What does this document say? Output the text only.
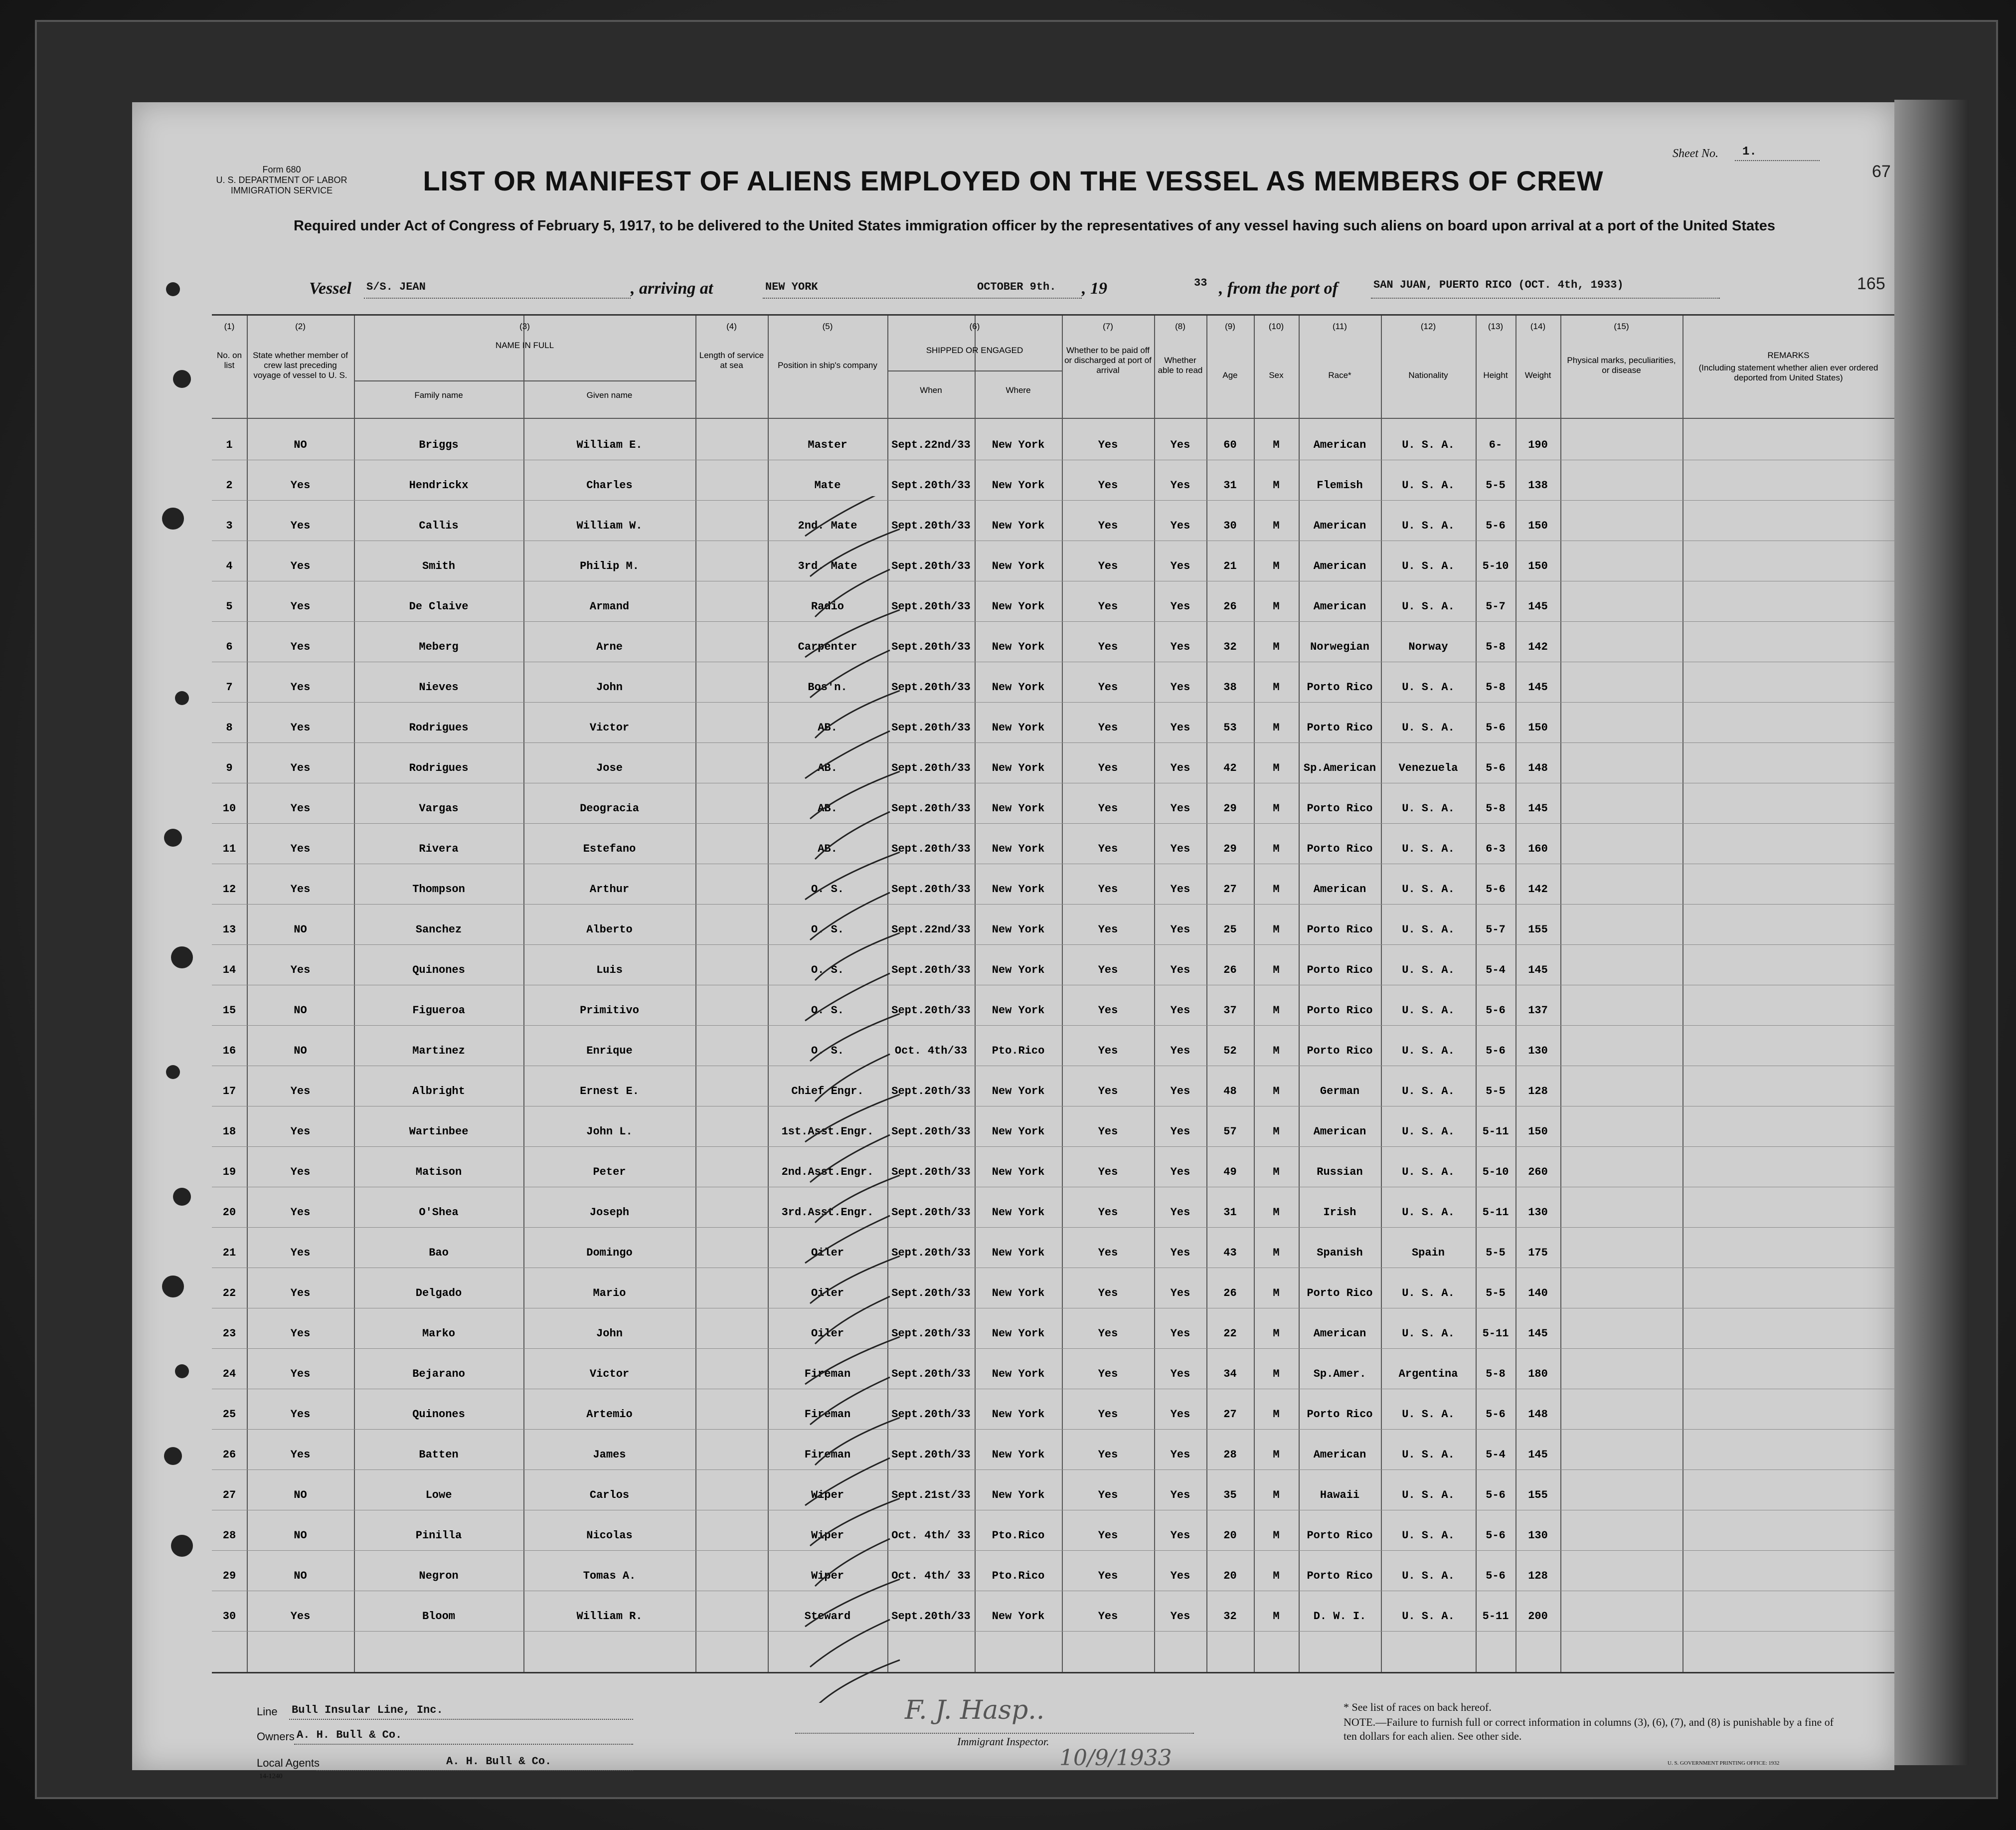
Form 680
U. S. DEPARTMENT OF LABOR
IMMIGRATION SERVICE
Sheet No. 1.
LIST OR MANIFEST OF ALIENS EMPLOYED ON THE VESSEL AS MEMBERS OF CREW
Required under Act of Congress of February 5, 1917, to be delivered to the United States immigration officer by the representatives of any vessel having such aliens on board upon arrival at a port of the United States
67
165
Vessel S/S. JEAN	, arriving at	NEW YORK	OCTOBER 9th. , 19	33 , from the port of	SAN JUAN, PUERTO RICO (OCT. 4th, 1933)
(1)	(2)	(3)	(4)	(5)	(6)	(7)	(8)	(9)	(10)	(11)	(12)	(13)	(14)	(15)
No. on list
State whether member of crew last preceding voyage of vessel to U. S.
NAME IN FULL
Family name	Given name
Length of service at sea	Position in ship's company
SHIPPED OR ENGAGED
When	Where
Whether to be paid off or discharged at port of arrival
Whether able to read
Age	Sex	Race*	Nationality	Height	Weight
Physical marks, peculiarities, or disease
REMARKS
(Including statement whether alien ever ordered deported from United States)
1	NO	Briggs	William E.	Master	Sept.22nd/33	New York	Yes	Yes	60	M	American	U. S. A.	6-	190
2	Yes	Hendrickx	Charles	Mate	Sept.20th/33	New York	Yes	Yes	31	M	Flemish	U. S. A.	5-5	138
3	Yes	Callis	William W.	2nd. Mate	Sept.20th/33	New York	Yes	Yes	30	M	American	U. S. A.	5-6	150
4	Yes	Smith	Philip M.	3rd. Mate	Sept.20th/33	New York	Yes	Yes	21	M	American	U. S. A.	5-10	150
5	Yes	De Claive	Armand	Radio	Sept.20th/33	New York	Yes	Yes	26	M	American	U. S. A.	5-7	145
6	Yes	Meberg	Arne	Carpenter	Sept.20th/33	New York	Yes	Yes	32	M	Norwegian	Norway	5-8	142
7	Yes	Nieves	John	Bos'n.	Sept.20th/33	New York	Yes	Yes	38	M	Porto Rico	U. S. A.	5-8	145
8	Yes	Rodrigues	Victor	AB.	Sept.20th/33	New York	Yes	Yes	53	M	Porto Rico	U. S. A.	5-6	150
9	Yes	Rodrigues	Jose	AB.	Sept.20th/33	New York	Yes	Yes	42	M	Sp.American	Venezuela	5-6	148
10	Yes	Vargas	Deogracia	AB.	Sept.20th/33	New York	Yes	Yes	29	M	Porto Rico	U. S. A.	5-8	145
11	Yes	Rivera	Estefano	AB.	Sept.20th/33	New York	Yes	Yes	29	M	Porto Rico	U. S. A.	6-3	160
12	Yes	Thompson	Arthur	O. S.	Sept.20th/33	New York	Yes	Yes	27	M	American	U. S. A.	5-6	142
13	NO	Sanchez	Alberto	O. S.	Sept.22nd/33	New York	Yes	Yes	25	M	Porto Rico	U. S. A.	5-7	155
14	Yes	Quinones	Luis	O. S.	Sept.20th/33	New York	Yes	Yes	26	M	Porto Rico	U. S. A.	5-4	145
15	NO	Figueroa	Primitivo	O. S.	Sept.20th/33	New York	Yes	Yes	37	M	Porto Rico	U. S. A.	5-6	137
16	NO	Martinez	Enrique	O. S.	Oct. 4th/33	Pto.Rico	Yes	Yes	52	M	Porto Rico	U. S. A.	5-6	130
17	Yes	Albright	Ernest E.	Chief Engr.	Sept.20th/33	New York	Yes	Yes	48	M	German	U. S. A.	5-5	128
18	Yes	Wartinbee	John L.	1st.Asst.Engr.	Sept.20th/33	New York	Yes	Yes	57	M	American	U. S. A.	5-11	150
19	Yes	Matison	Peter	2nd.Asst.Engr.	Sept.20th/33	New York	Yes	Yes	49	M	Russian	U. S. A.	5-10	260
20	Yes	O'Shea	Joseph	3rd.Asst.Engr.	Sept.20th/33	New York	Yes	Yes	31	M	Irish	U. S. A.	5-11	130
21	Yes	Bao	Domingo	Oiler	Sept.20th/33	New York	Yes	Yes	43	M	Spanish	Spain	5-5	175
22	Yes	Delgado	Mario	Oiler	Sept.20th/33	New York	Yes	Yes	26	M	Porto Rico	U. S. A.	5-5	140
23	Yes	Marko	John	Oiler	Sept.20th/33	New York	Yes	Yes	22	M	American	U. S. A.	5-11	145
24	Yes	Bejarano	Victor	Fireman	Sept.20th/33	New York	Yes	Yes	34	M	Sp.Amer.	Argentina	5-8	180
25	Yes	Quinones	Artemio	Fireman	Sept.20th/33	New York	Yes	Yes	27	M	Porto Rico	U. S. A.	5-6	148
26	Yes	Batten	James	Fireman	Sept.20th/33	New York	Yes	Yes	28	M	American	U. S. A.	5-4	145
27	NO	Lowe	Carlos	Wiper	Sept.21st/33	New York	Yes	Yes	35	M	Hawaii	U. S. A.	5-6	155
28	NO	Pinilla	Nicolas	Wiper	Oct. 4th/ 33	Pto.Rico	Yes	Yes	20	M	Porto Rico	U. S. A.	5-6	130
29	NO	Negron	Tomas A.	Wiper	Oct. 4th/ 33	Pto.Rico	Yes	Yes	20	M	Porto Rico	U. S. A.	5-6	128
30	Yes	Bloom	William R.	Steward	Sept.20th/33	New York	Yes	Yes	32	M	D. W. I.	U. S. A.	5-11	200
Line Bull Insular Line, Inc.
Owners A. H. Bull & Co.
Local Agents	A. H. Bull & Co.
14-1240
F. J. Hasp..
Immigrant Inspector.
10/9/1933
* See list of races on back hereof.
NOTE.—Failure to furnish full or correct information in columns (3), (6), (7), and (8) is punishable by a fine of ten dollars for each alien. See other side.
U. S. GOVERNMENT PRINTING OFFICE: 1932
